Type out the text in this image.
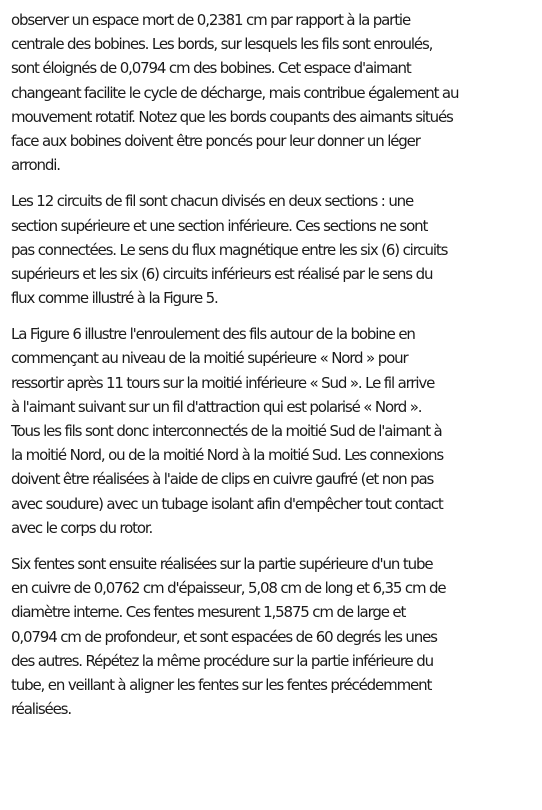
observer un espace mort de 0,2381 cm par rapport à la partie
centrale des bobines. Les bords, sur lesquels les fils sont enroulés,
sont éloignés de 0,0794 cm des bobines. Cet espace d'aimant
changeant facilite le cycle de décharge, mais contribue également au
mouvement rotatif. Notez que les bords coupants des aimants situés
face aux bobines doivent être poncés pour leur donner un léger
arrondi.
Les 12 circuits de fil sont chacun divisés en deux sections : une
section supérieure et une section inférieure. Ces sections ne sont
pas connectées. Le sens du flux magnétique entre les six (6) circuits
supérieurs et les six (6) circuits inférieurs est réalisé par le sens du
flux comme illustré à la Figure 5.
La Figure 6 illustre l'enroulement des fils autour de la bobine en
commençant au niveau de la moitié supérieure « Nord » pour
ressortir après 11 tours sur la moitié inférieure « Sud ». Le fil arrive
à l'aimant suivant sur un fil d'attraction qui est polarisé « Nord ».
Tous les fils sont donc interconnectés de la moitié Sud de l'aimant à
la moitié Nord, ou de la moitié Nord à la moitié Sud. Les connexions
doivent être réalisées à l'aide de clips en cuivre gaufré (et non pas
avec soudure) avec un tubage isolant afin d'empêcher tout contact
avec le corps du rotor.
Six fentes sont ensuite réalisées sur la partie supérieure d'un tube
en cuivre de 0,0762 cm d'épaisseur, 5,08 cm de long et 6,35 cm de
diamètre interne. Ces fentes mesurent 1,5875 cm de large et
0,0794 cm de profondeur, et sont espacées de 60 degrés les unes
des autres. Répétez la même procédure sur la partie inférieure du
tube, en veillant à aligner les fentes sur les fentes précédemment
réalisées.
